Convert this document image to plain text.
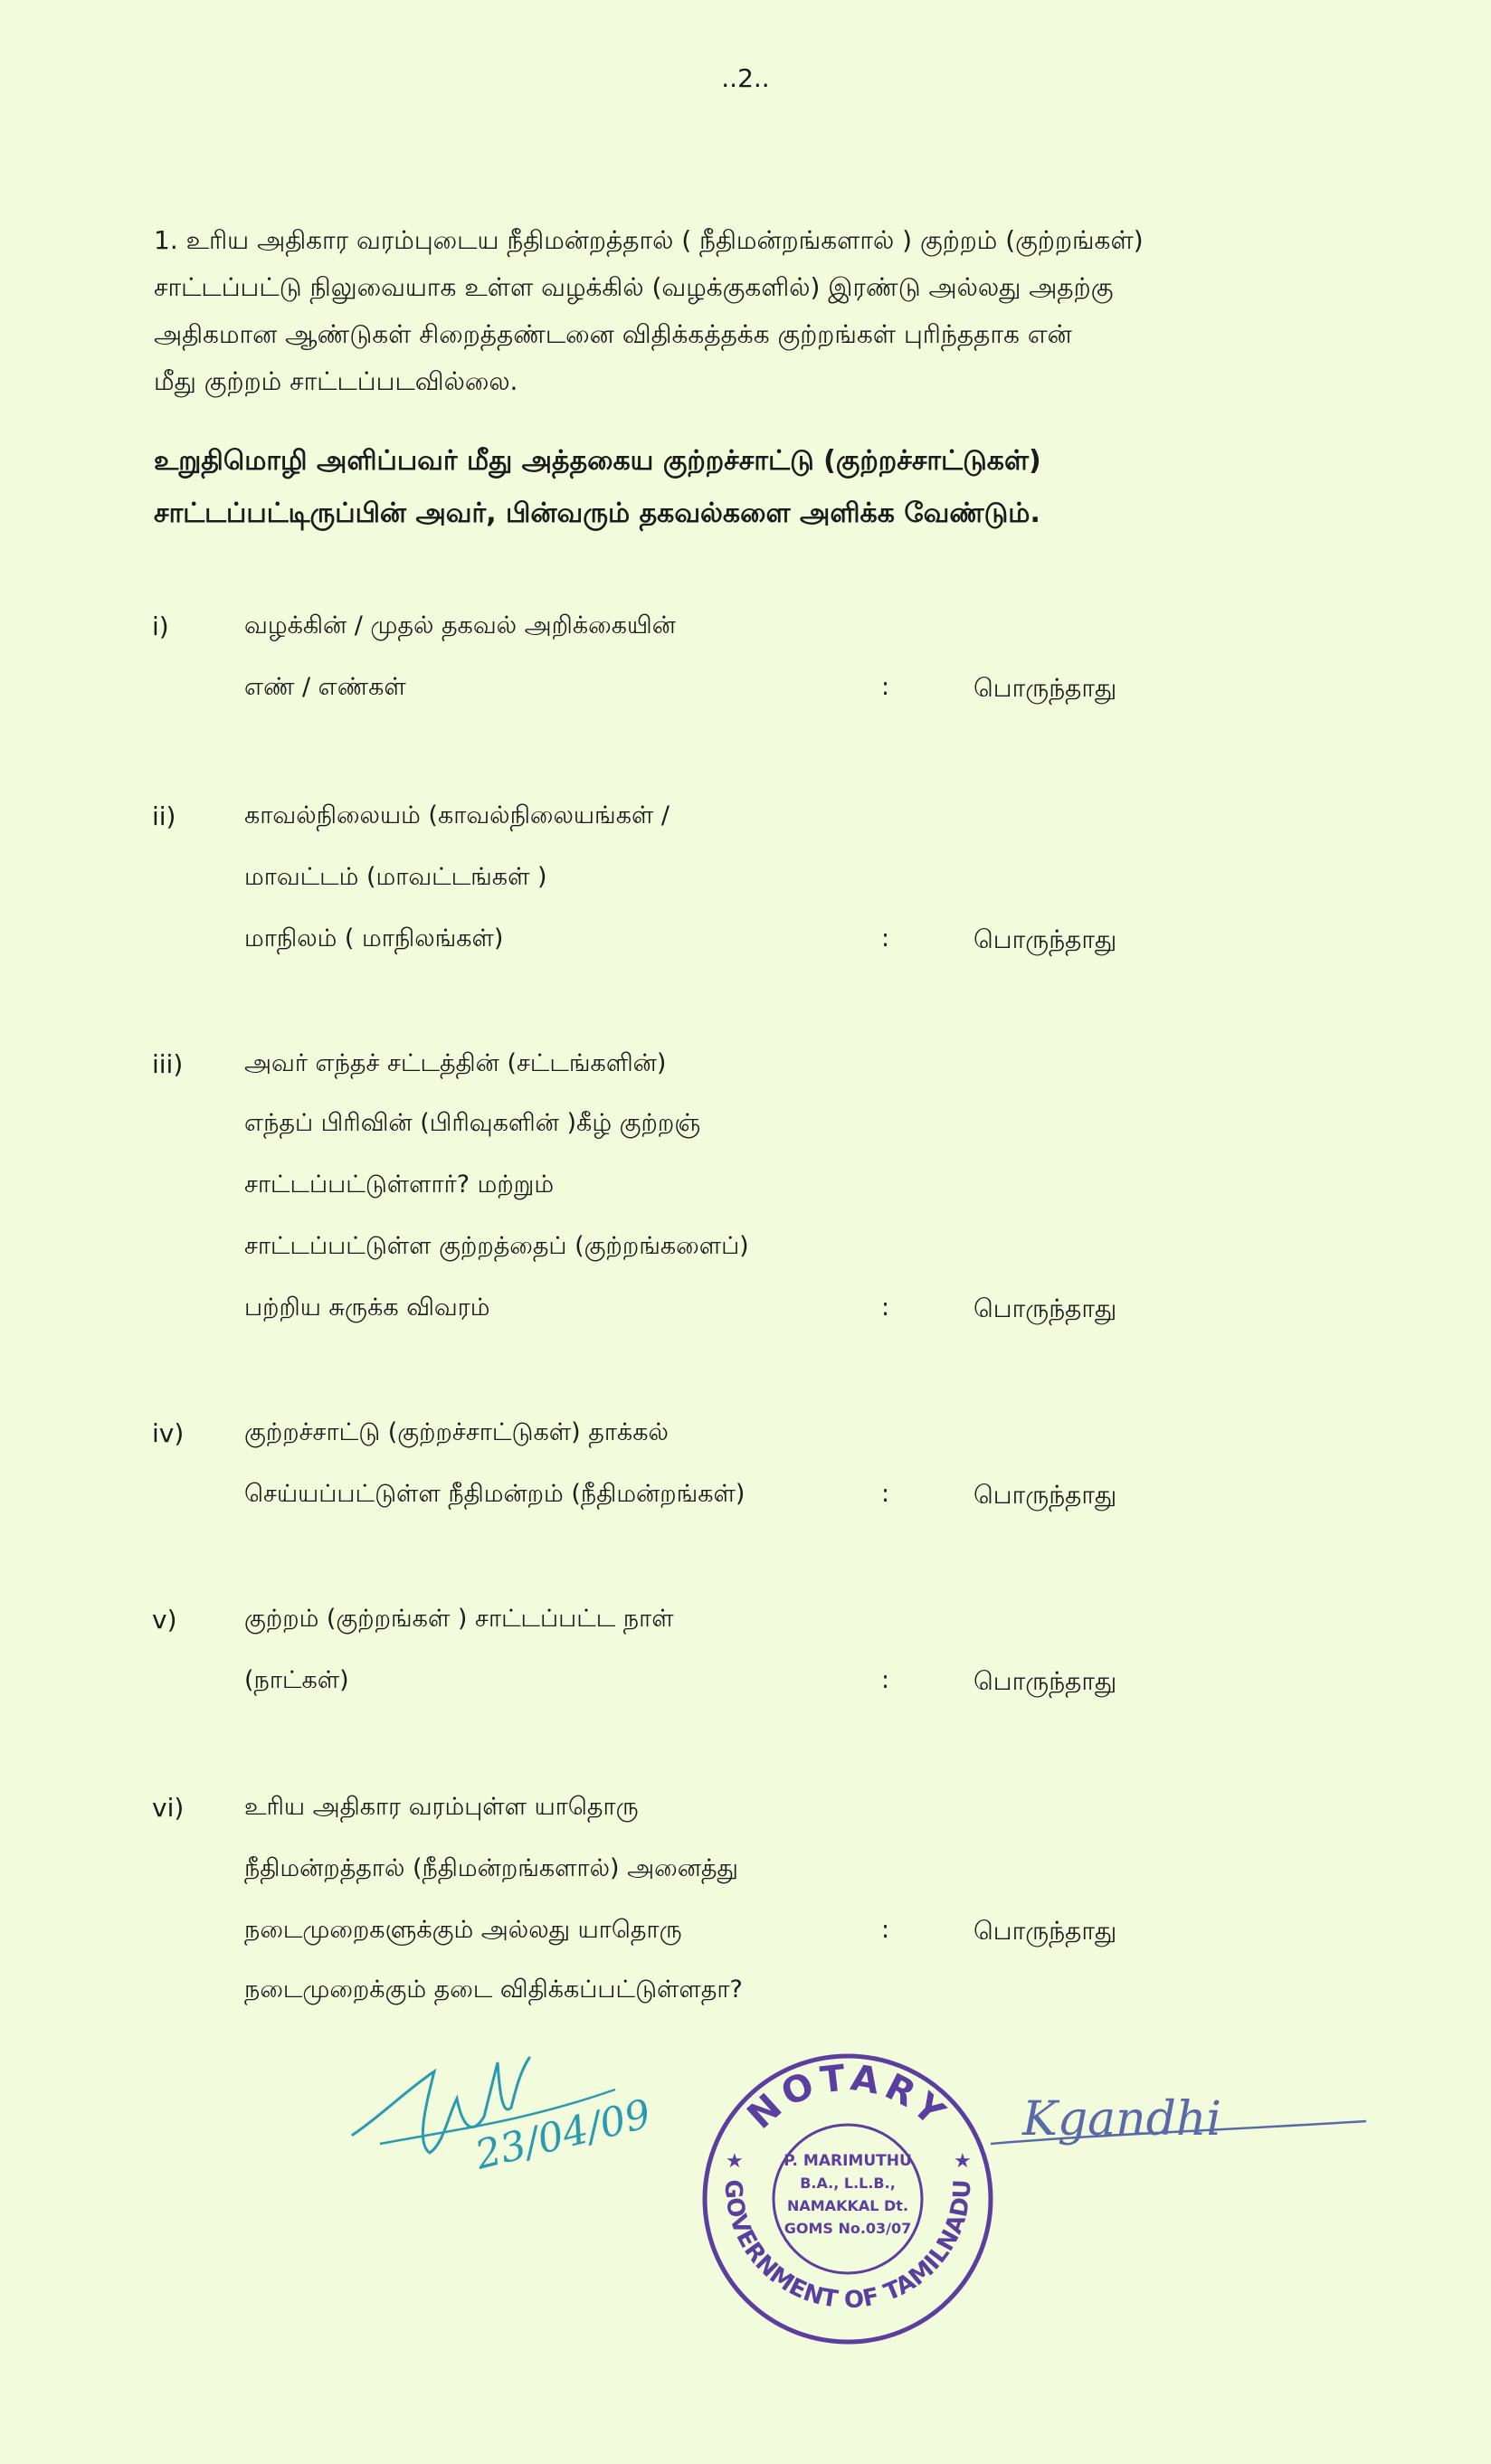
..2..
1. உரிய அதிகார வரம்புடைய நீதிமன்றத்தால் ( நீதிமன்றங்களால் ) குற்றம் (குற்றங்கள்)
சாட்டப்பட்டு நிலுவையாக உள்ள வழக்கில் (வழக்குகளில்) இரண்டு அல்லது அதற்கு
அதிகமான ஆண்டுகள் சிறைத்தண்டனை விதிக்கத்தக்க குற்றங்கள் புரிந்ததாக என்
மீது குற்றம் சாட்டப்படவில்லை.
உறுதிமொழி அளிப்பவர் மீது அத்தகைய குற்றச்சாட்டு (குற்றச்சாட்டுகள்)
சாட்டப்பட்டிருப்பின் அவர், பின்வரும் தகவல்களை அளிக்க வேண்டும்.
i)	வழக்கின் / முதல் தகவல் அறிக்கையின்
எண் / எண்கள்	:	பொருந்தாது
ii)	காவல்நிலையம் (காவல்நிலையங்கள் /
மாவட்டம் (மாவட்டங்கள் )
மாநிலம் ( மாநிலங்கள்)	:	பொருந்தாது
iii)	அவர் எந்தச் சட்டத்தின் (சட்டங்களின்)
எந்தப் பிரிவின் (பிரிவுகளின் )கீழ் குற்றஞ்
சாட்டப்பட்டுள்ளார்? மற்றும்
சாட்டப்பட்டுள்ள குற்றத்தைப் (குற்றங்களைப்)
பற்றிய சுருக்க விவரம்	:	பொருந்தாது
iv) குற்றச்சாட்டு (குற்றச்சாட்டுகள்) தாக்கல்
செய்யப்பட்டுள்ள நீதிமன்றம் (நீதிமன்றங்கள்)	:	பொருந்தாது
v)	குற்றம் (குற்றங்கள் ) சாட்டப்பட்ட நாள்
(நாட்கள்)	:	பொருந்தாது
vi) உரிய அதிகார வரம்புள்ள யாதொரு
நீதிமன்றத்தால் (நீதிமன்றங்களால்) அனைத்து
நடைமுறைகளுக்கும் அல்லது யாதொரு	:	பொருந்தாது
நடைமுறைக்கும் தடை விதிக்கப்பட்டுள்ளதா?
23/04/09 NOTARY
GOVERNMENT OF TAMILNADU
★	★
P. MARIMUTHU
B.A., L.L.B.,
NAMAKKAL Dt.
GOMS No.03/07
Kgandhi
